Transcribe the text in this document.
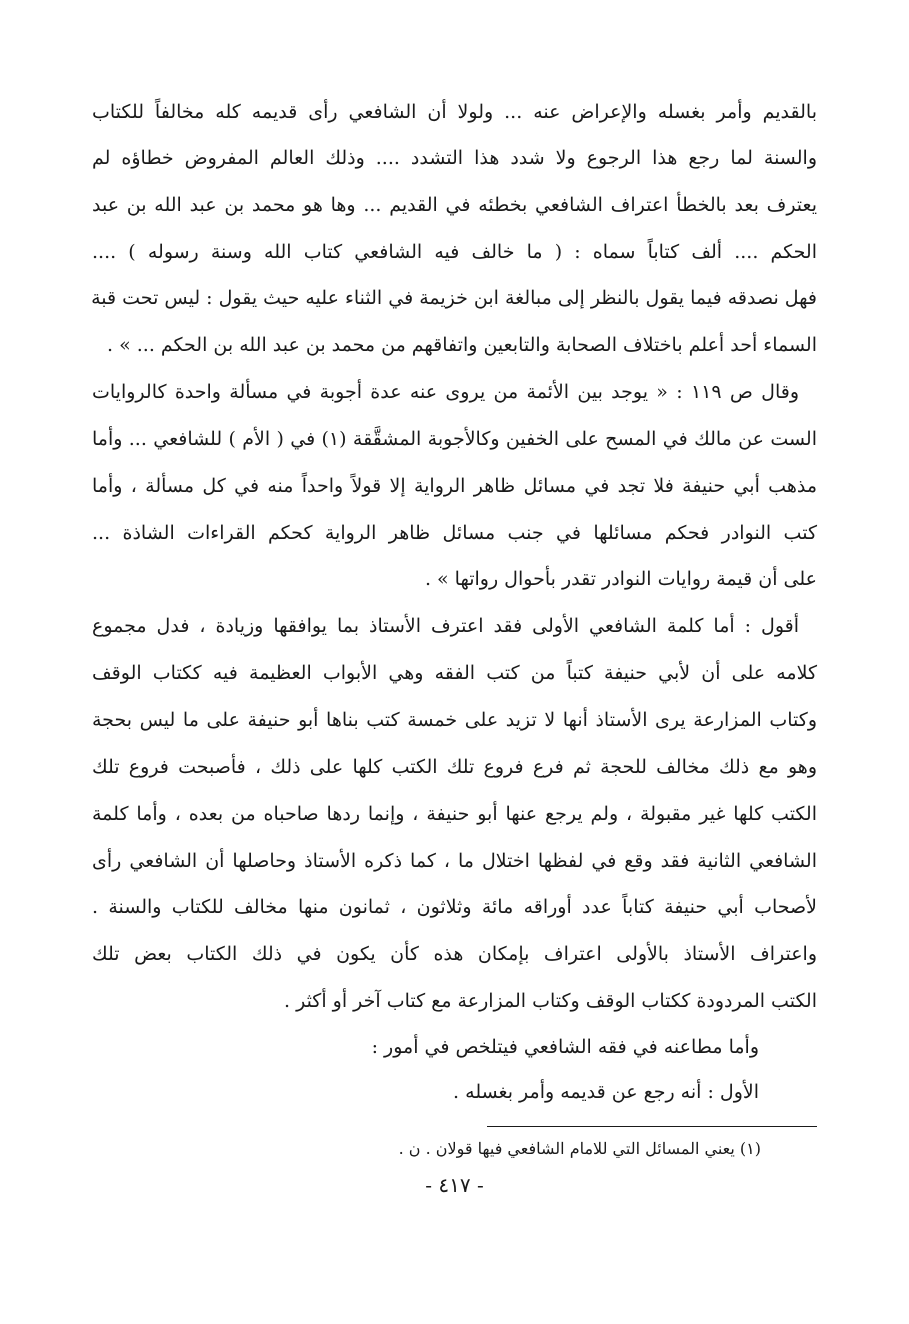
بالقديم وأمر بغسله والإعراض عنه ... ولولا أن الشافعي رأى قديمه كله مخالفاً للكتاب
والسنة لما رجع هذا الرجوع ولا شدد هذا التشدد .... وذلك العالم المفروض خطاؤه لم
يعترف بعد بالخطأ اعتراف الشافعي بخطئه في القديم ... وها هو محمد بن عبد الله بن عبد
الحكم .... ألف كتاباً سماه : ( ما خالف فيه الشافعي كتاب الله وسنة رسوله ) ....
فهل نصدقه فيما يقول بالنظر إلى مبالغة ابن خزيمة في الثناء عليه حيث يقول : ليس تحت قبة
السماء أحد أعلم باختلاف الصحابة والتابعين واتفاقهم من محمد بن عبد الله بن الحكم ... » .
وقال ص ١١٩ : « يوجد بين الأئمة من يروى عنه عدة أجوبة في مسألة واحدة كالروايات
الست عن مالك في المسح على الخفين وكالأجوبة المشقَّقة (١) في ( الأم ) للشافعي ... وأما
مذهب أبي حنيفة فلا تجد في مسائل ظاهر الرواية إلا قولاً واحداً منه في كل مسألة ، وأما
كتب النوادر فحكم مسائلها في جنب مسائل ظاهر الرواية كحكم القراءات الشاذة ...
على أن قيمة روايات النوادر تقدر بأحوال رواتها » .
أقول : أما كلمة الشافعي الأولى فقد اعترف الأستاذ بما يوافقها وزيادة ، فدل مجموع
كلامه على أن لأبي حنيفة كتباً من كتب الفقه وهي الأبواب العظيمة فيه ككتاب الوقف
وكتاب المزارعة يرى الأستاذ أنها لا تزيد على خمسة كتب بناها أبو حنيفة على ما ليس بحجة
وهو مع ذلك مخالف للحجة ثم فرع فروع تلك الكتب كلها على ذلك ، فأصبحت فروع تلك
الكتب كلها غير مقبولة ، ولم يرجع عنها أبو حنيفة ، وإنما ردها صاحباه من بعده ، وأما كلمة
الشافعي الثانية فقد وقع في لفظها اختلال ما ، كما ذكره الأستاذ وحاصلها أن الشافعي رأى
لأصحاب أبي حنيفة كتاباً عدد أوراقه مائة وثلاثون ، ثمانون منها مخالف للكتاب والسنة .
واعتراف الأستاذ بالأولى اعتراف بإمكان هذه كأن يكون في ذلك الكتاب بعض تلك
الكتب المردودة ككتاب الوقف وكتاب المزارعة مع كتاب آخر أو أكثر .
وأما مطاعنه في فقه الشافعي فيتلخص في أمور :
الأول : أنه رجع عن قديمه وأمر بغسله .
(١) يعني المسائل التي للامام الشافعي فيها قولان . ن .
- ٤١٧ -
